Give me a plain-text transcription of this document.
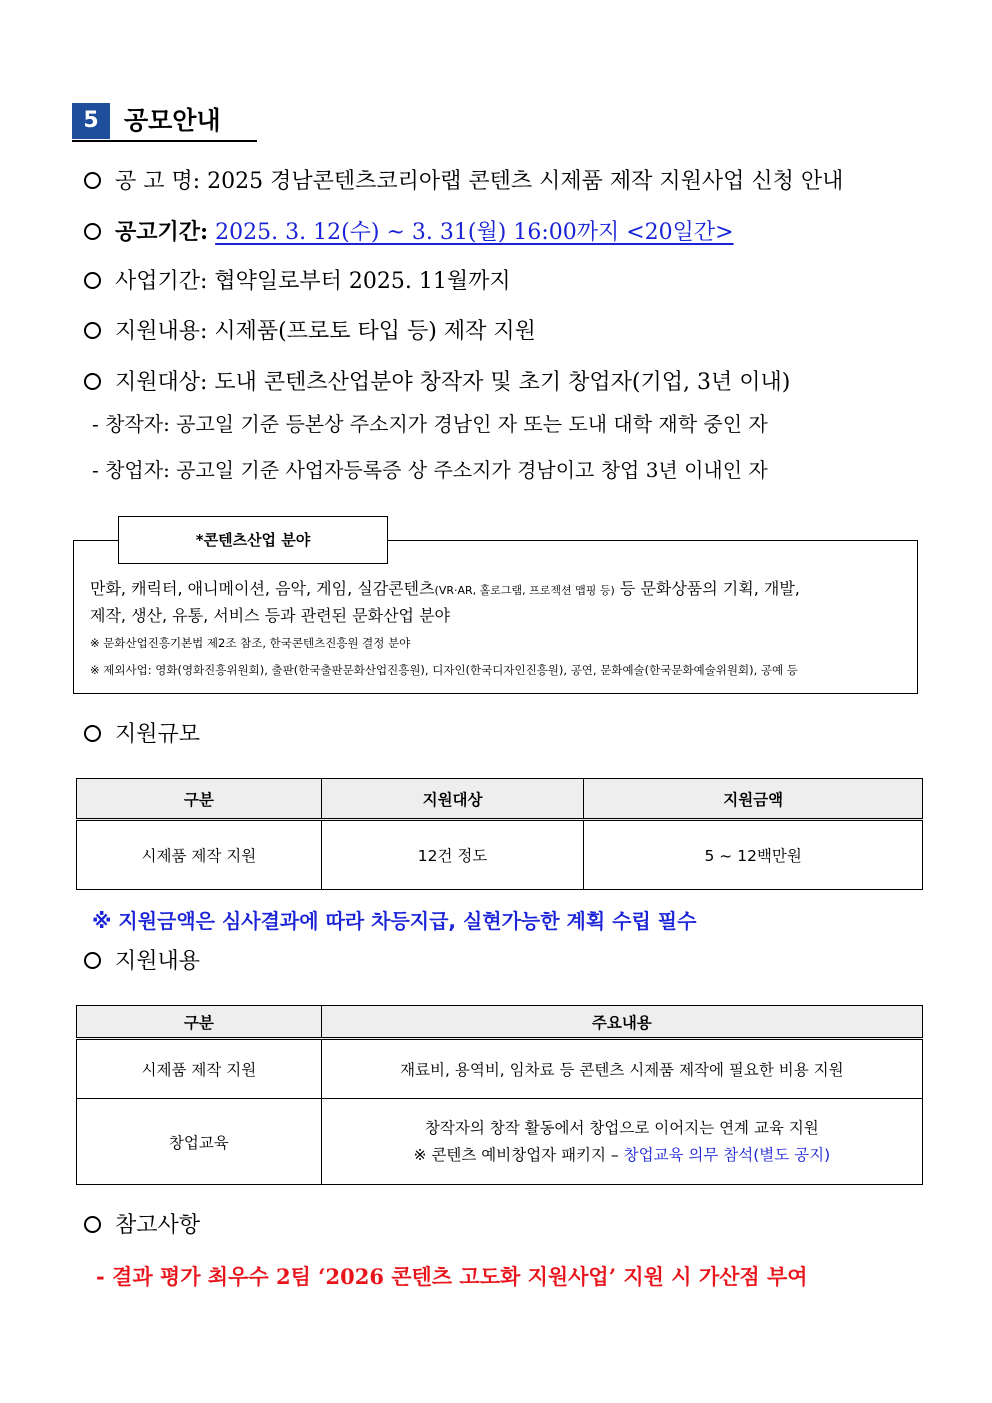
5	공모안내
공 고 명: 2025 경남콘텐츠코리아랩 콘텐츠 시제품 제작 지원사업 신청 안내
공고기간: 2025. 3. 12(수) ~ 3. 31(월) 16:00까지 <20일간>
사업기간: 협약일로부터 2025. 11월까지
지원내용: 시제품(프로토 타입 등) 제작 지원
지원대상: 도내 콘텐츠산업분야 창작자 및 초기 창업자(기업, 3년 이내)
- 창작자: 공고일 기준 등본상 주소지가 경남인 자 또는 도내 대학 재학 중인 자
- 창업자: 공고일 기준 사업자등록증 상 주소지가 경남이고 창업 3년 이내인 자
*콘텐츠산업 분야
만화, 캐릭터, 애니메이션, 음악, 게임, 실감콘텐츠(VR·AR, 홀로그램, 프로젝션 맵핑 등) 등 문화상품의 기획, 개발,
제작, 생산, 유통, 서비스 등과 관련된 문화산업 분야
※ 문화산업진흥기본법 제2조 참조, 한국콘텐츠진흥원 결정 분야
※ 제외사업: 영화(영화진흥위원회), 출판(한국출판문화산업진흥원), 디자인(한국디자인진흥원), 공연, 문화예술(한국문화예술위원회), 공예 등
지원규모
구분	지원대상	지원금액
시제품 제작 지원	12건 정도	5 ~ 12백만원
※ 지원금액은 심사결과에 따라 차등지급, 실현가능한 계획 수립 필수
지원내용
구분	주요내용
시제품 제작 지원	재료비, 용역비, 임차료 등 콘텐츠 시제품 제작에 필요한 비용 지원
창업교육	창작자의 창작 활동에서 창업으로 이어지는 연계 교육 지원
※ 콘텐츠 예비창업자 패키지 – 창업교육 의무 참석(별도 공지)
참고사항
- 결과 평가 최우수 2팀 ‘2026 콘텐츠 고도화 지원사업’ 지원 시 가산점 부여
